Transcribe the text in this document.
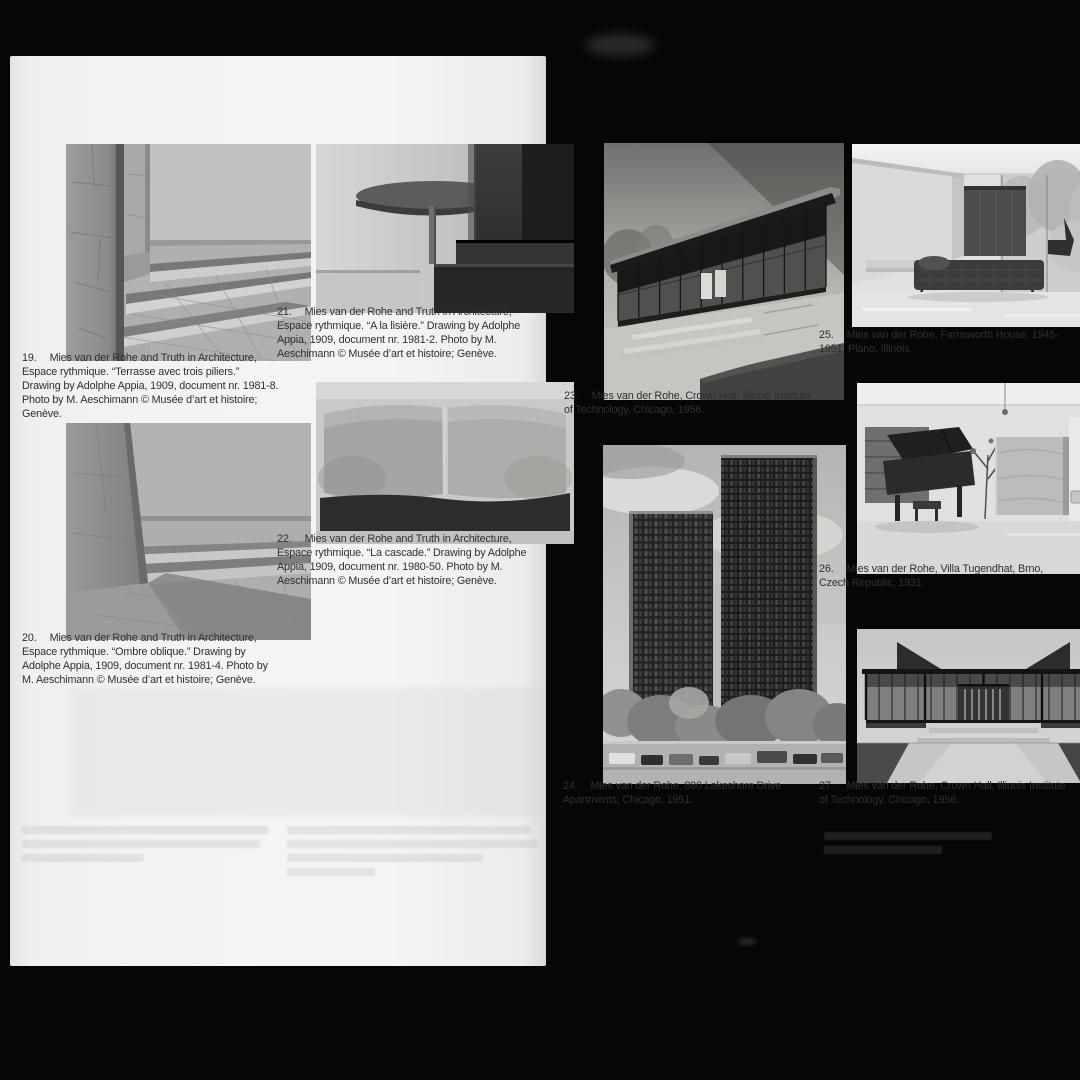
19. Mies van der Rohe and Truth in Architecture, Espace rythmique. “Terrasse avec trois piliers.” Drawing by Adolphe Appia, 1909, document nr. 1981-8. Photo by M. Aeschimann © Musée d’art et histoire; Genève.

20. Mies van der Rohe and Truth in Architecture, Espace rythmique. “Ombre oblique.” Drawing by Adolphe Appia, 1909, document nr. 1981-4. Photo by M. Aeschimann © Musée d’art et histoire; Genève.

21. Mies van der Rohe and Truth in Architecture, Espace rythmique. “A la lisière.” Drawing by Adolphe Appia, 1909, document nr. 1981-2. Photo by M. Aeschimann © Musée d’art et histoire; Genève.

22. Mies van der Rohe and Truth in Architecture, Espace rythmique. “La cascade.” Drawing by Adolphe Appia, 1909, document nr. 1980-50. Photo by M. Aeschimann © Musée d’art et histoire; Genève.

23. Mies van der Rohe, Crown Hall, Illinois Institute of Technology, Chicago, 1956.

24. Mies van der Rohe, 880 Lakeshore Drive Apartments, Chicago, 1951.

25. Mies van der Rohe, Farnsworth House, 1945-1951, Plano, Illinois.

26. Mies van der Rohe, Villa Tugendhat, Brno, Czech Republic, 1931.

27. Mies van der Rohe, Crown Hall, Illinois Institute of Technology, Chicago, 1956.
